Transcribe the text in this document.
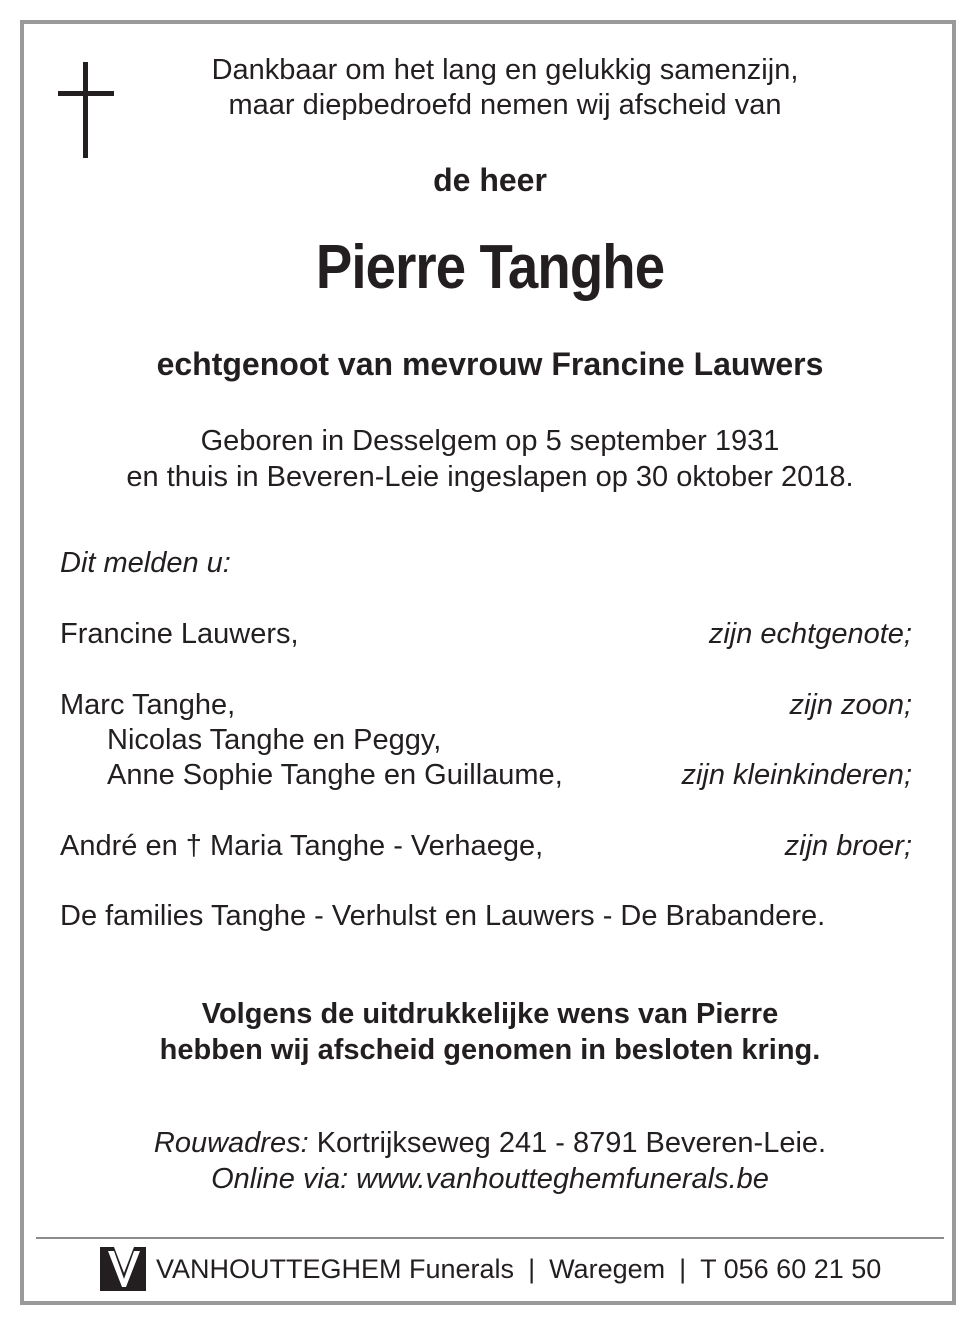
Dankbaar om het lang en gelukkig samenzijn,
maar diepbedroefd nemen wij afscheid van
de heer
Pierre Tanghe
echtgenoot van mevrouw Francine Lauwers
Geboren in Desselgem op 5 september 1931
en thuis in Beveren-Leie ingeslapen op 30 oktober 2018.
Dit melden u:
Francine Lauwers,	zijn echtgenote;
Marc Tanghe,	zijn zoon;
Nicolas Tanghe en Peggy,
Anne Sophie Tanghe en Guillaume,	zijn kleinkinderen;
André en † Maria Tanghe - Verhaege,	zijn broer;
De families Tanghe - Verhulst en Lauwers - De Brabandere.
Volgens de uitdrukkelijke wens van Pierre
hebben wij afscheid genomen in besloten kring.
Rouwadres: Kortrijkseweg 241 - 8791 Beveren-Leie.
Online via: www.vanhoutteghemfunerals.be
VANHOUTTEGHEM Funerals | Waregem | T 056 60 21 50
